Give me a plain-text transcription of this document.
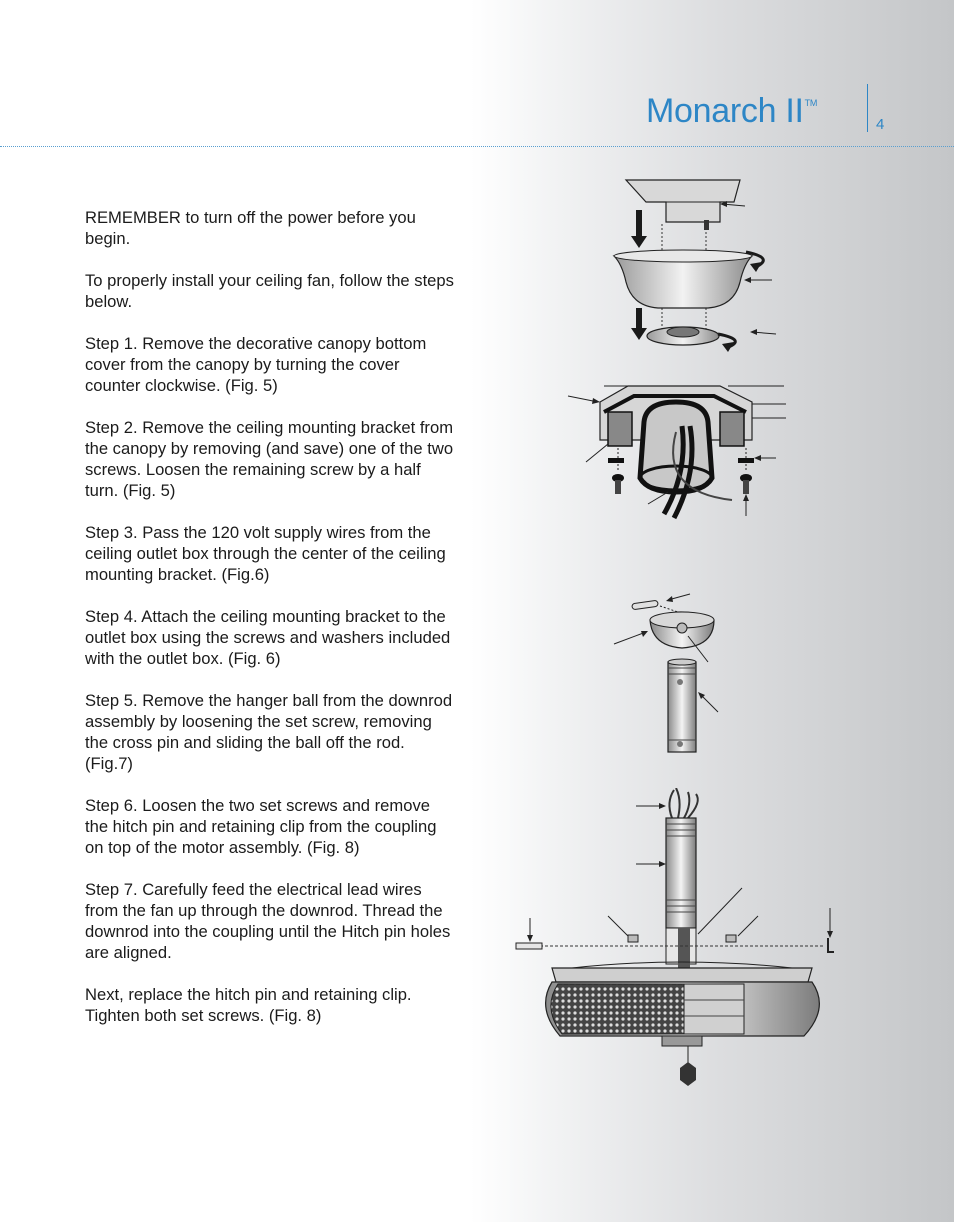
Monarch II™
4

REMEMBER to turn off the power before you begin.

To properly install your ceiling fan, follow the steps below.

Step 1. Remove the decorative canopy bottom cover from the canopy by turning the cover counter clockwise. (Fig. 5)

Step 2. Remove the ceiling mounting bracket from the canopy by removing (and save) one of the two screws. Loosen the remaining screw by a half turn. (Fig. 5)

Step 3. Pass the 120 volt supply wires from the ceiling outlet box through the center of the ceiling mounting bracket. (Fig.6)

Step 4. Attach the ceiling mounting bracket to the outlet box using the screws and washers included with the outlet box. (Fig. 6)

Step 5. Remove the hanger ball from the downrod assembly by loosening the set screw, removing the cross pin and sliding the ball off the rod. (Fig.7)

Step 6. Loosen the two set screws and remove the hitch pin and retaining clip from the coupling on top of the motor assembly. (Fig. 8)

Step 7. Carefully feed the electrical lead wires from the fan up through the downrod. Thread the downrod into the coupling until the Hitch pin holes are aligned.

Next, replace the hitch pin and retaining clip. Tighten both set screws. (Fig. 8)
